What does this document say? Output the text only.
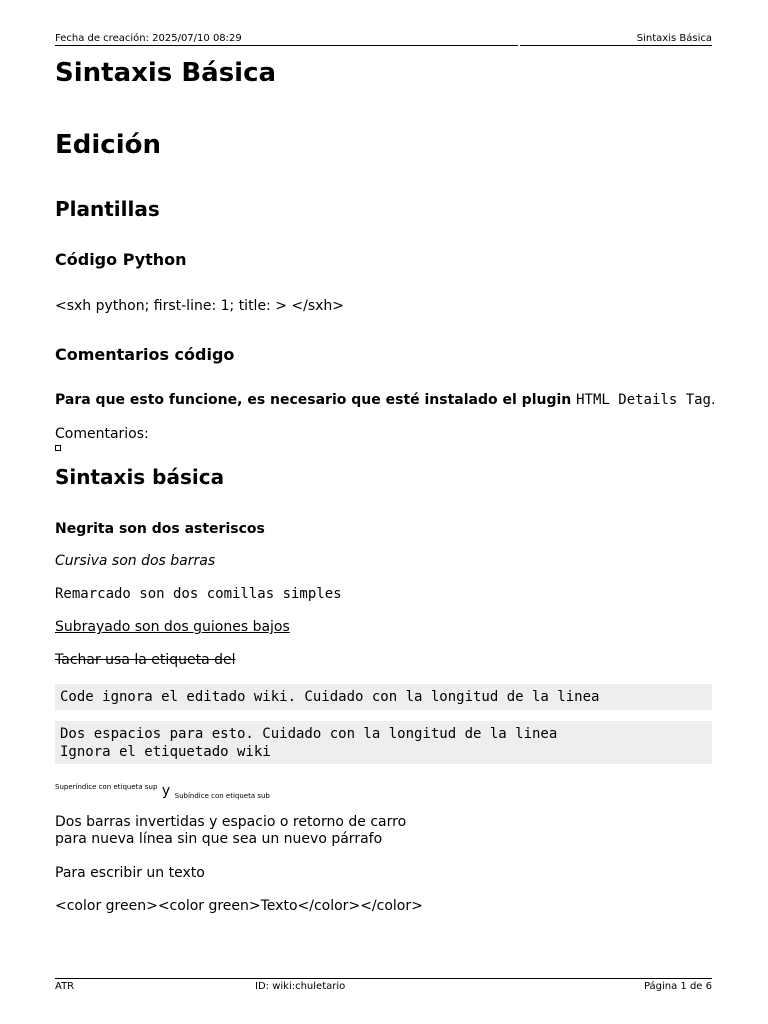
Fecha de creación: 2025/07/10 08:29	Sintaxis Básica
Sintaxis Básica
Edición
Plantillas
Código Python

<sxh python; first-line: 1; title: > </sxh>

Comentarios código

Para que esto funcione, es necesario que esté instalado el plugin HTML Details Tag.

Comentarios:

Sintaxis básica

Negrita son dos asteriscos

Cursiva son dos barras

Remarcado son dos comillas simples

Subrayado son dos guiones bajos

Tachar usa la etiqueta del

Code ignora el editado wiki. Cuidado con la longitud de la linea
Dos espacios para esto. Cuidado con la longitud de la linea
Ignora el etiquetado wiki

$^{Superíndice con etiqueta sup}$ y $_{Subíndice con etiqueta sub}$

Dos barras invertidas y espacio o retorno de carro

para nueva línea sin que sea un nuevo párrafo

Para escribir un texto

<color green><color green>Texto</color></color>

ATR	ID: wiki:chuletario	Página 1 de 6
